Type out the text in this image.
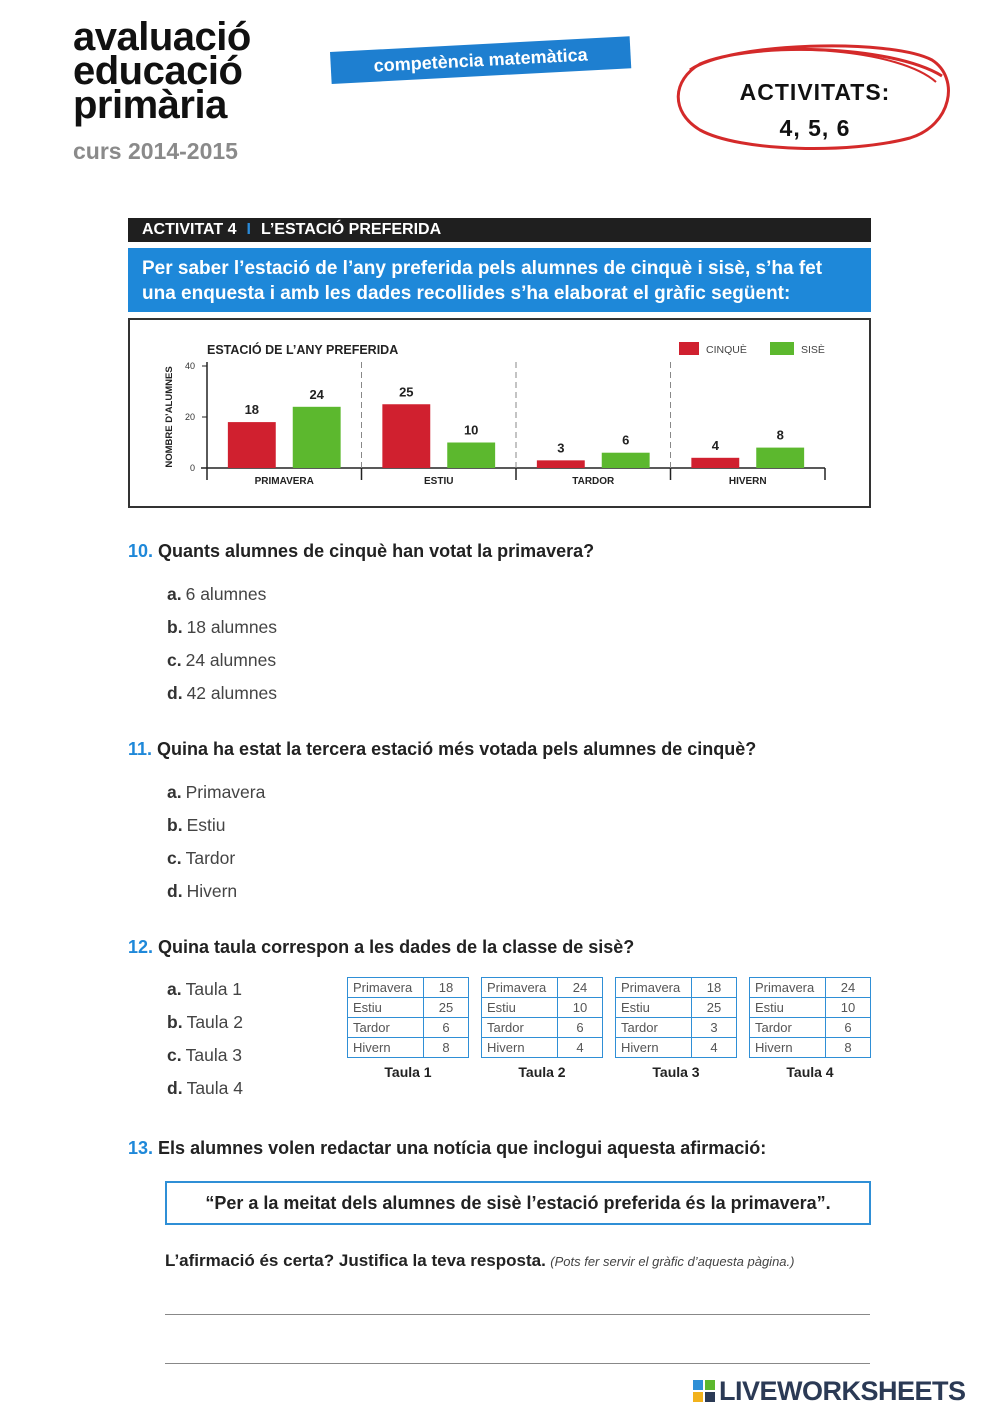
avaluació
educació
primària
curs 2014-2015
competència matemàtica
ACTIVITATS:
4, 5, 6
ACTIVITAT 4 I L’ESTACIÓ PREFERIDA
Per saber l’estació de l’any preferida pels alumnes de cinquè i sisè, s’ha fet una enquesta i amb les dades recollides s’ha elaborat el gràfic següent:
ESTACIÓ DE L’ANY PREFERIDA
NOMBRE D’ALUMNES
CINQUÈ	SISÈ
0
20
40
PRIMAVERA
18
24
ESTIU
25
10
TARDOR
3
6
HIVERN
4
8
10. Quants alumnes de cinquè han votat la primavera?
a. 6 alumnes
b. 18 alumnes
c. 24 alumnes
d. 42 alumnes
11. Quina ha estat la tercera estació més votada pels alumnes de cinquè?
a. Primavera
b. Estiu
c. Tardor
d. Hivern
12. Quina taula correspon a les dades de la classe de sisè?
a. Taula 1
b. Taula 2
c. Taula 3
d. Taula 4
Primavera	18
Estiu	25
Tardor	6
Hivern	8
Taula 1
Primavera	24
Estiu	10
Tardor	6
Hivern	4
Taula 2
Primavera	18
Estiu	25
Tardor	3
Hivern	4
Taula 3
Primavera	24
Estiu	10
Tardor	6
Hivern	8
Taula 4
13. Els alumnes volen redactar una notícia que inclogui aquesta afirmació:
“Per a la meitat dels alumnes de sisè l’estació preferida és la primavera”.
L’afirmació és certa? Justifica la teva resposta. (Pots fer servir el gràfic d’aquesta pàgina.)
LIVEWORKSHEETS
